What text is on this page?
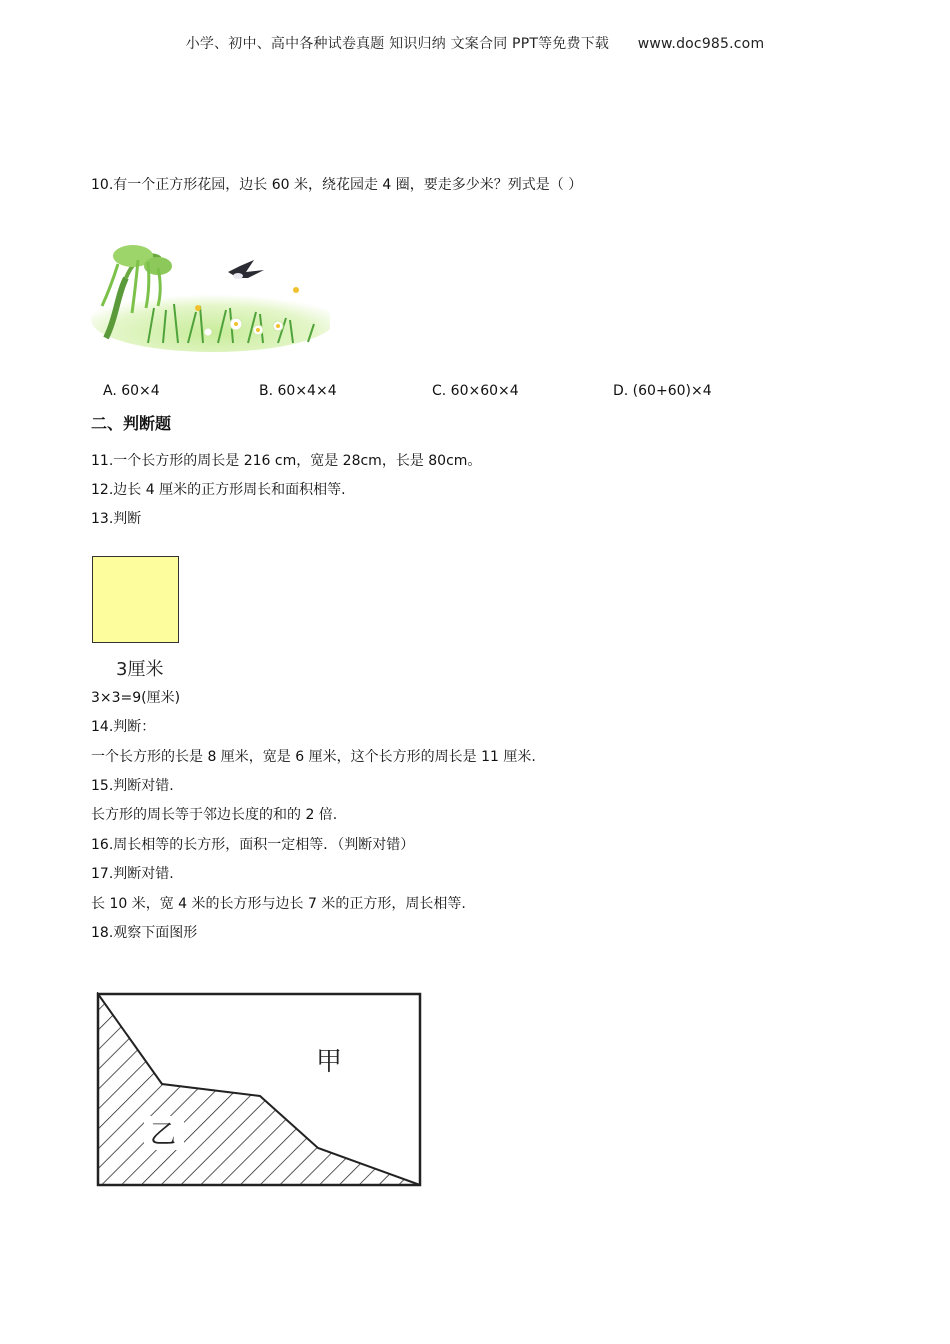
小学、初中、高中各种试卷真题 知识归纳 文案合同 PPT等免费下载 www.doc985.com
10.有一个正方形花园，边长 60 米，绕花园走 4 圈，要走多少米？列式是（ ）
A. 60×4	B. 60×4×4	C. 60×60×4	D. (60+60)×4
二、判断题
11.一个长方形的周长是 216 cm，宽是 28cm，长是 80cm。
12.边长 4 厘米的正方形周长和面积相等.
13.判断
3厘米
3×3=9(厘米)
14.判断：
一个长方形的长是 8 厘米，宽是 6 厘米，这个长方形的周长是 11 厘米.
15.判断对错.
长方形的周长等于邻边长度的和的 2 倍.
16.周长相等的长方形，面积一定相等．（判断对错）
17.判断对错.
长 10 米，宽 4 米的长方形与边长 7 米的正方形，周长相等.
18.观察下面图形
甲
乙
